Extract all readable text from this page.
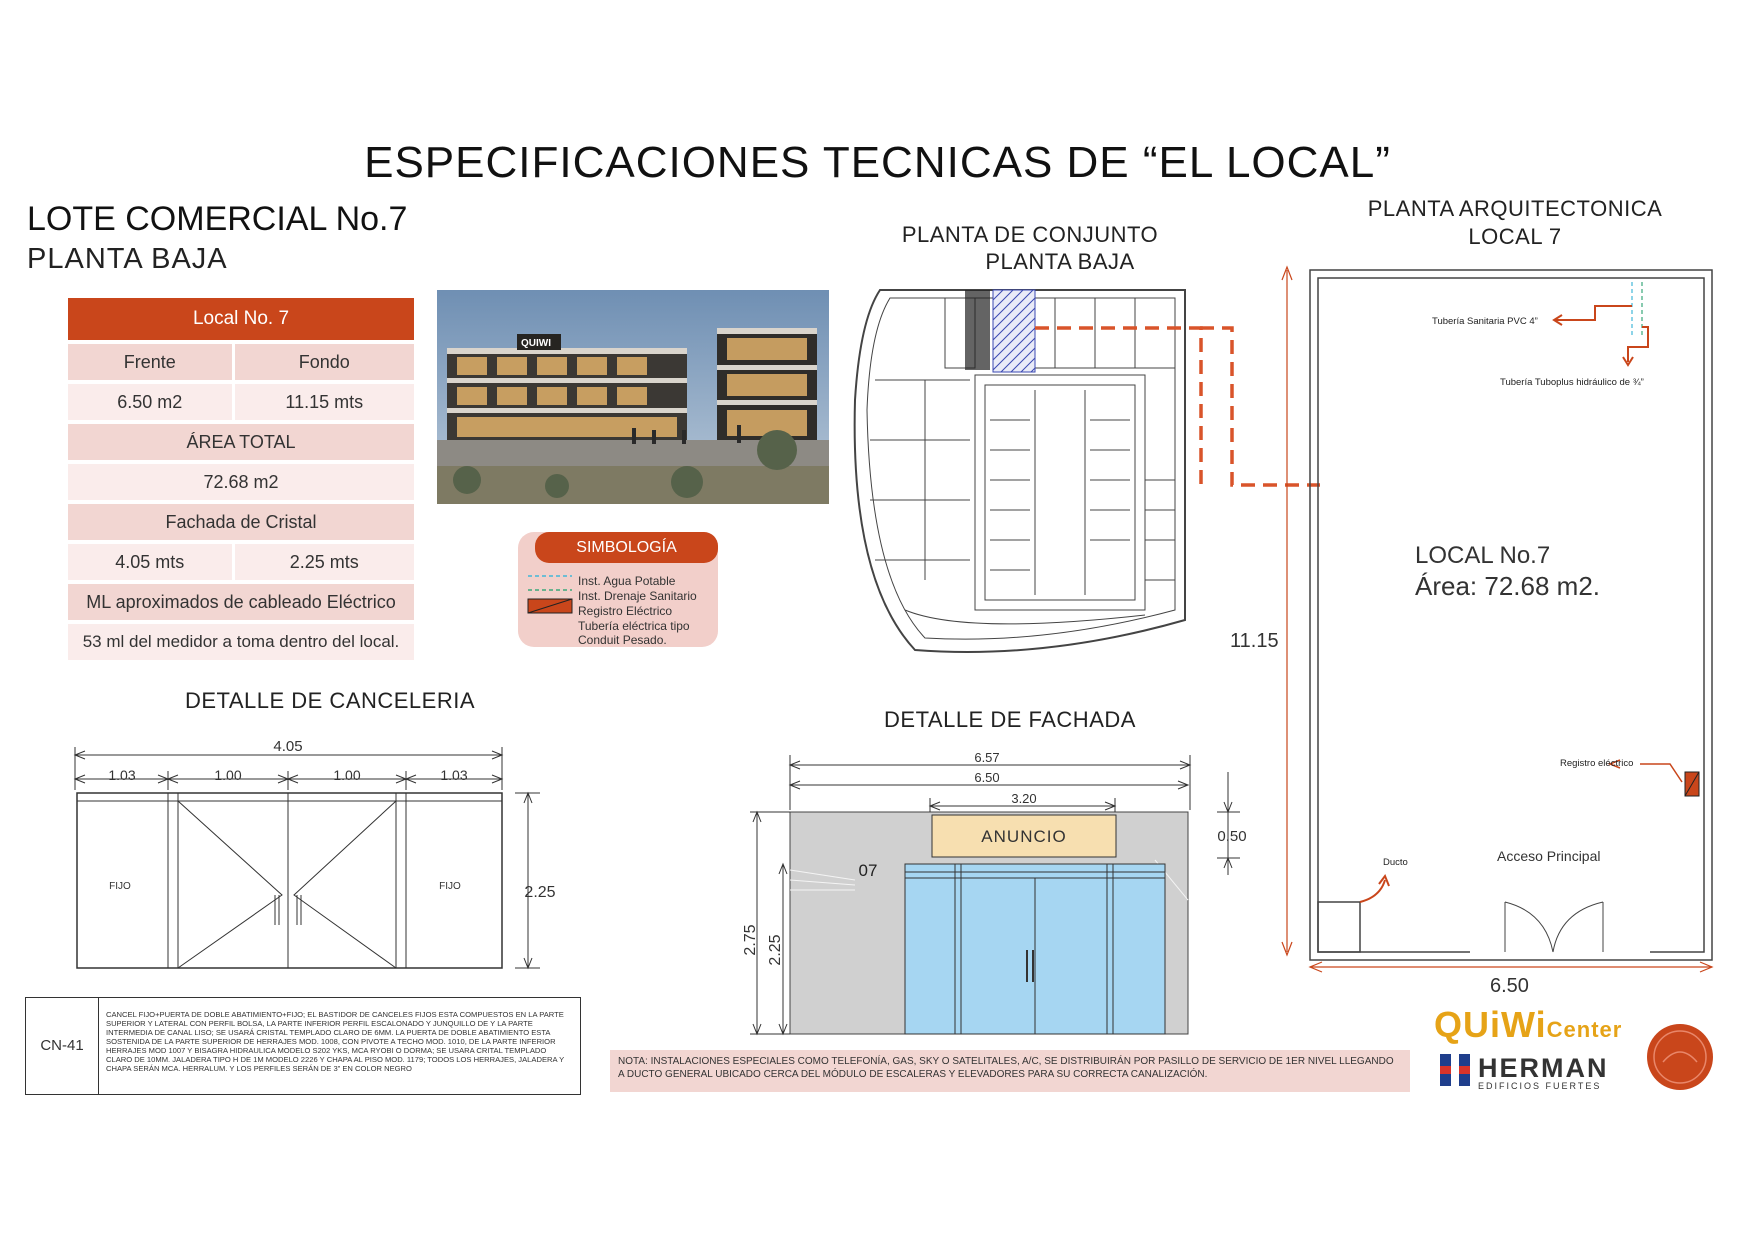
ESPECIFICACIONES TECNICAS DE “EL LOCAL”
LOTE COMERCIAL No.7
PLANTA BAJA
Local No. 7	
Frente	Fondo
6.50 m2	11.15 mts
ÁREA TOTAL	
72.68 m2	
Fachada de Cristal	
4.05 mts	2.25 mts
ML aproximados de cableado Eléctrico	
53 ml del medidor a toma dentro del local.	
QUIWI
SIMBOLOGÍA
Inst. Agua Potable
Inst. Drenaje Sanitario
Registro Eléctrico
Tubería eléctrica tipo
Conduit Pesado.
PLANTA DE CONJUNTO
PLANTA BAJA
PLANTA ARQUITECTONICA
LOCAL 7
Tubería Sanitaria PVC 4”
Tubería Tuboplus hidráulico de ¾”
LOCAL No.7
Área: 72.68 m2.
11.15
6.50
Registro eléctrico
Ducto	Acceso Principal
DETALLE DE CANCELERIA
4.05
1.03	1.00	1.00	1.03
2.25
FIJO	FIJO
CN-41
CANCEL FIJO+PUERTA DE DOBLE ABATIMIENTO+FIJO; EL BASTIDOR DE CANCELES FIJOS ESTA COMPUESTOS EN LA PARTE SUPERIOR Y LATERAL CON PERFIL BOLSA, LA PARTE INFERIOR PERFIL ESCALONADO Y JUNQUILLO DE Y LA PARTE INTERMEDIA DE CANAL LISO; SE USARÁ CRISTAL TEMPLADO CLARO DE 6MM. LA PUERTA DE DOBLE ABATIMIENTO ESTA SOSTENIDA DE LA PARTE SUPERIOR DE HERRAJES MOD. 1008, CON PIVOTE A TECHO MOD. 1010, DE LA PARTE INFERIOR HERRAJES MOD 1007 Y BISAGRA HIDRAULICA MODELO S202 YKS, MCA RYOBI O DORMA; SE USARA CRITAL TEMPLADO CLARO DE 10MM. JALADERA TIPO H DE 1M MODELO 2226 Y CHAPA AL PISO MOD. 1179; TODOS LOS HERRAJES, JALADERA Y CHAPA SERÁN MCA. HERRALUM. Y LOS PERFILES SERÁN DE 3” EN COLOR NEGRO
DETALLE DE FACHADA
ANUNCIO
07
6.57
6.50
3.20
2.75 2.25
0.50
NOTA: INSTALACIONES ESPECIALES COMO TELEFONÍA, GAS, SKY O SATELITALES, A/C, SE DISTRIBUIRÁN POR PASILLO DE SERVICIO DE 1ER NIVEL LLEGANDO A DUCTO GENERAL UBICADO CERCA DEL MÓDULO DE ESCALERAS Y ELEVADORES PARA SU CORRECTA CANALIZACIÓN.
QUiWiCenter
HERMAN
EDIFICIOS FUERTES
